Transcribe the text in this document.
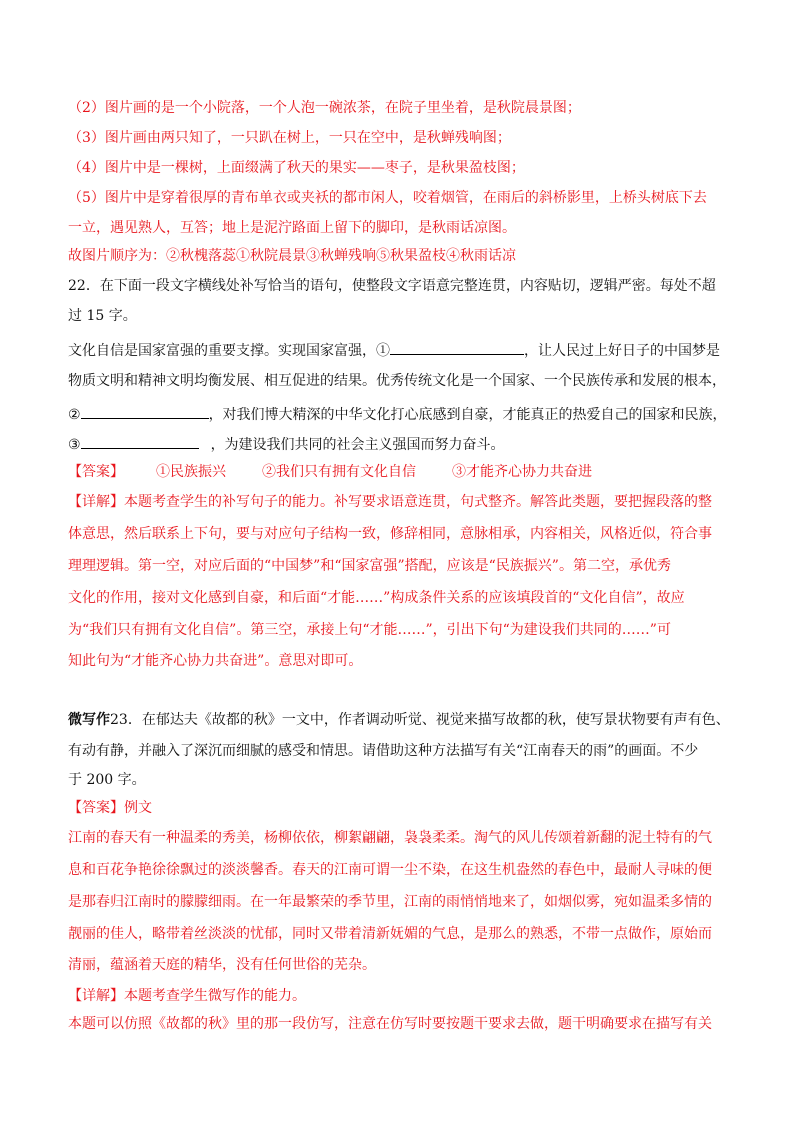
（2）图片画的是一个小院落，一个人泡一碗浓茶，在院子里坐着，是秋院晨景图；
（3）图片画由两只知了，一只趴在树上，一只在空中，是秋蝉残响图；
（4）图片中是一棵树，上面缀满了秋天的果实——枣子，是秋果盈枝图；
（5）图片中是穿着很厚的青布单衣或夹袄的都市闲人，咬着烟管，在雨后的斜桥影里，上桥头树底下去
一立，遇见熟人，互答；地上是泥泞路面上留下的脚印，是秋雨话凉图。
故图片顺序为：②秋槐落蕊①秋院晨景③秋蝉残响⑤秋果盈枝④秋雨话凉
22．在下面一段文字横线处补写恰当的语句，使整段文字语意完整连贯，内容贴切，逻辑严密。每处不超
过 15 字。
文化自信是国家富强的重要支撑。实现国家富强，①	，让人民过上好日子的中国梦是
物质文明和精神文明均衡发展、相互促进的结果。优秀传统文化是一个国家、一个民族传承和发展的根本，
②	，对我们博大精深的中华文化打心底感到自豪，才能真正的热爱自己的国家和民族，
③	，为建设我们共同的社会主义强国而努力奋斗。
【答案】 ①民族振兴	②我们只有拥有文化自信	③才能齐心协力共奋进
【详解】本题考查学生的补写句子的能力。补写要求语意连贯，句式整齐。解答此类题，要把握段落的整
体意思，然后联系上下句，要与对应句子结构一致，修辞相同，意脉相承，内容相关，风格近似，符合事
理理逻辑。第一空，对应后面的“中国梦”和“国家富强”搭配，应该是“民族振兴”。第二空，承优秀
文化的作用，接对文化感到自豪，和后面“才能……”构成条件关系的应该填段首的“文化自信”，故应
为“我们只有拥有文化自信”。第三空，承接上句“才能……”，引出下句“为建设我们共同的……”可
知此句为“才能齐心协力共奋进”。意思对即可。
微写作23．在郁达夫《故都的秋》一文中，作者调动听觉、视觉来描写故都的秋，使写景状物要有声有色、
有动有静，并融入了深沉而细腻的感受和情思。请借助这种方法描写有关“江南春天的雨”的画面。不少
于 200 字。
【答案】例文
江南的春天有一种温柔的秀美，杨柳依依，柳絮翩翩，袅袅柔柔。淘气的风儿传颂着新翻的泥土特有的气
息和百花争艳徐徐飘过的淡淡馨香。春天的江南可谓一尘不染，在这生机盎然的春色中，最耐人寻味的便
是那春归江南时的朦朦细雨。在一年最繁荣的季节里，江南的雨悄悄地来了，如烟似雾，宛如温柔多情的
靓丽的佳人，略带着丝淡淡的忧郁，同时又带着清新妩媚的气息，是那么的熟悉，不带一点做作，原始而
清丽，蕴涵着天庭的精华，没有任何世俗的芜杂。
【详解】本题考查学生微写作的能力。
本题可以仿照《故都的秋》里的那一段仿写，注意在仿写时要按题干要求去做，题干明确要求在描写有关
